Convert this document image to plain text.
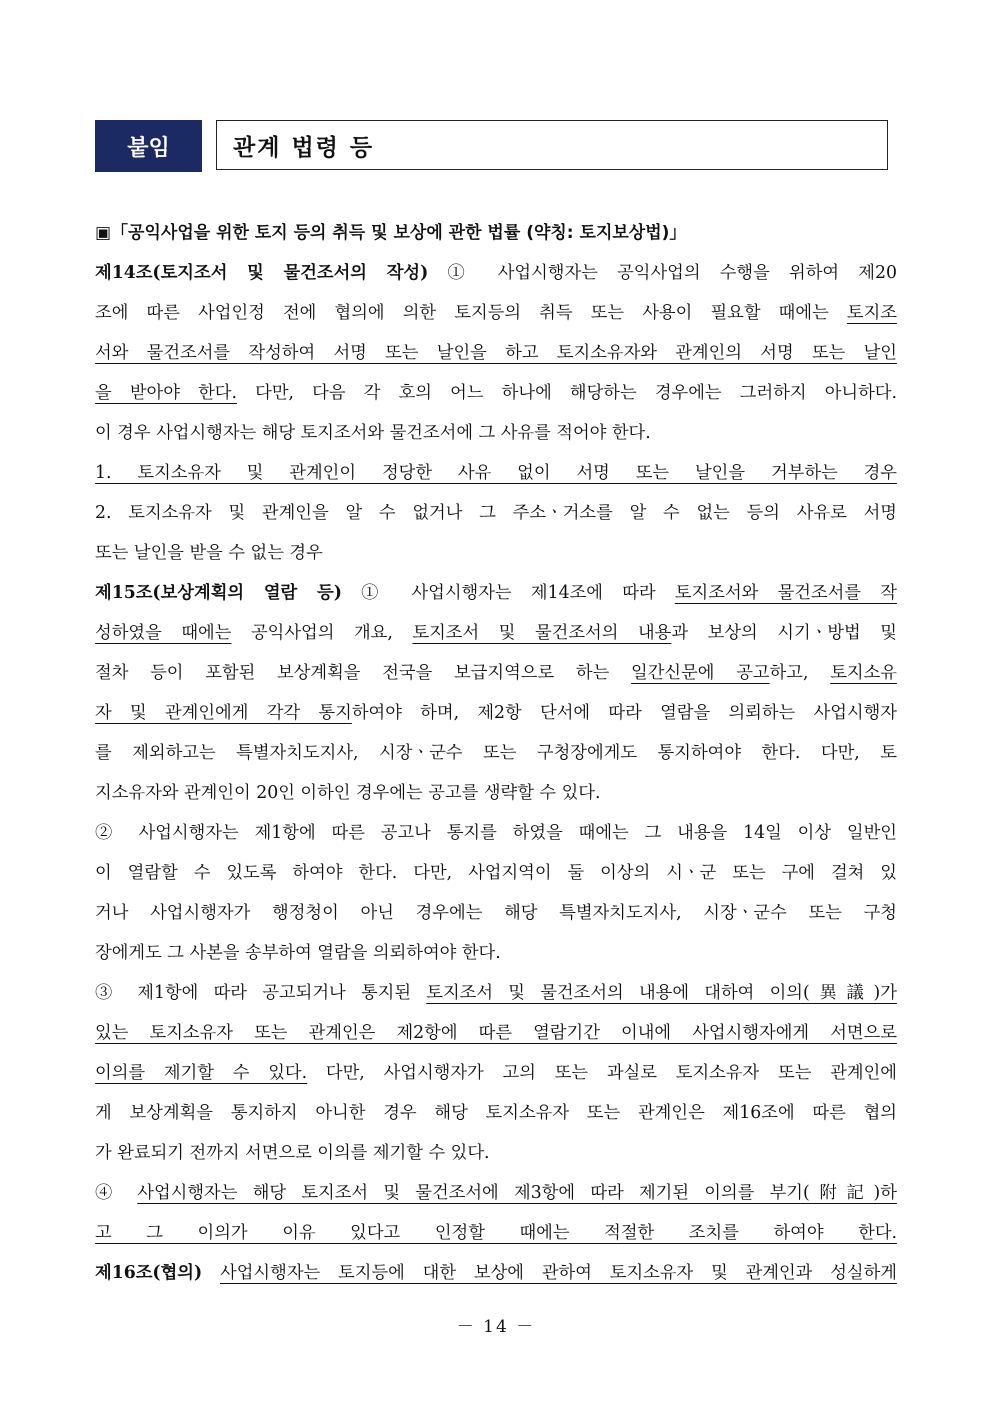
붙임	관계 법령 등
▣「공익사업을 위한 토지 등의 취득 및 보상에 관한 법률 (약칭: 토지보상법)」
제14조(토지조서 및 물건조서의 작성) ① 사업시행자는 공익사업의 수행을 위하여 제20
조에 따른 사업인정 전에 협의에 의한 토지등의 취득 또는 사용이 필요할 때에는 토지조
서와 물건조서를 작성하여 서명 또는 날인을 하고 토지소유자와 관계인의 서명 또는 날인
을 받아야 한다. 다만, 다음 각 호의 어느 하나에 해당하는 경우에는 그러하지 아니하다.
이 경우 사업시행자는 해당 토지조서와 물건조서에 그 사유를 적어야 한다.
1. 토지소유자 및 관계인이 정당한 사유 없이 서명 또는 날인을 거부하는 경우
2. 토지소유자 및 관계인을 알 수 없거나 그 주소ㆍ거소를 알 수 없는 등의 사유로 서명
또는 날인을 받을 수 없는 경우
제15조(보상계획의 열람 등) ① 사업시행자는 제14조에 따라 토지조서와 물건조서를 작
성하였을 때에는 공익사업의 개요, 토지조서 및 물건조서의 내용과 보상의 시기ㆍ방법 및
절차 등이 포함된 보상계획을 전국을 보급지역으로 하는 일간신문에 공고하고, 토지소유
자 및 관계인에게 각각 통지하여야 하며, 제2항 단서에 따라 열람을 의뢰하는 사업시행자
를 제외하고는 특별자치도지사, 시장ㆍ군수 또는 구청장에게도 통지하여야 한다. 다만, 토
지소유자와 관계인이 20인 이하인 경우에는 공고를 생략할 수 있다.
② 사업시행자는 제1항에 따른 공고나 통지를 하였을 때에는 그 내용을 14일 이상 일반인
이 열람할 수 있도록 하여야 한다. 다만, 사업지역이 둘 이상의 시ㆍ군 또는 구에 걸쳐 있
거나 사업시행자가 행정청이 아닌 경우에는 해당 특별자치도지사, 시장ㆍ군수 또는 구청
장에게도 그 사본을 송부하여 열람을 의뢰하여야 한다.
③ 제1항에 따라 공고되거나 통지된 토지조서 및 물건조서의 내용에 대하여 이의(異議)가
있는 토지소유자 또는 관계인은 제2항에 따른 열람기간 이내에 사업시행자에게 서면으로
이의를 제기할 수 있다. 다만, 사업시행자가 고의 또는 과실로 토지소유자 또는 관계인에
게 보상계획을 통지하지 아니한 경우 해당 토지소유자 또는 관계인은 제16조에 따른 협의
가 완료되기 전까지 서면으로 이의를 제기할 수 있다.
④ 사업시행자는 해당 토지조서 및 물건조서에 제3항에 따라 제기된 이의를 부기(附記)하
고 그 이의가 이유 있다고 인정할 때에는 적절한 조치를 하여야 한다.
제16조(협의) 사업시행자는 토지등에 대한 보상에 관하여 토지소유자 및 관계인과 성실하게
－ 14 －
